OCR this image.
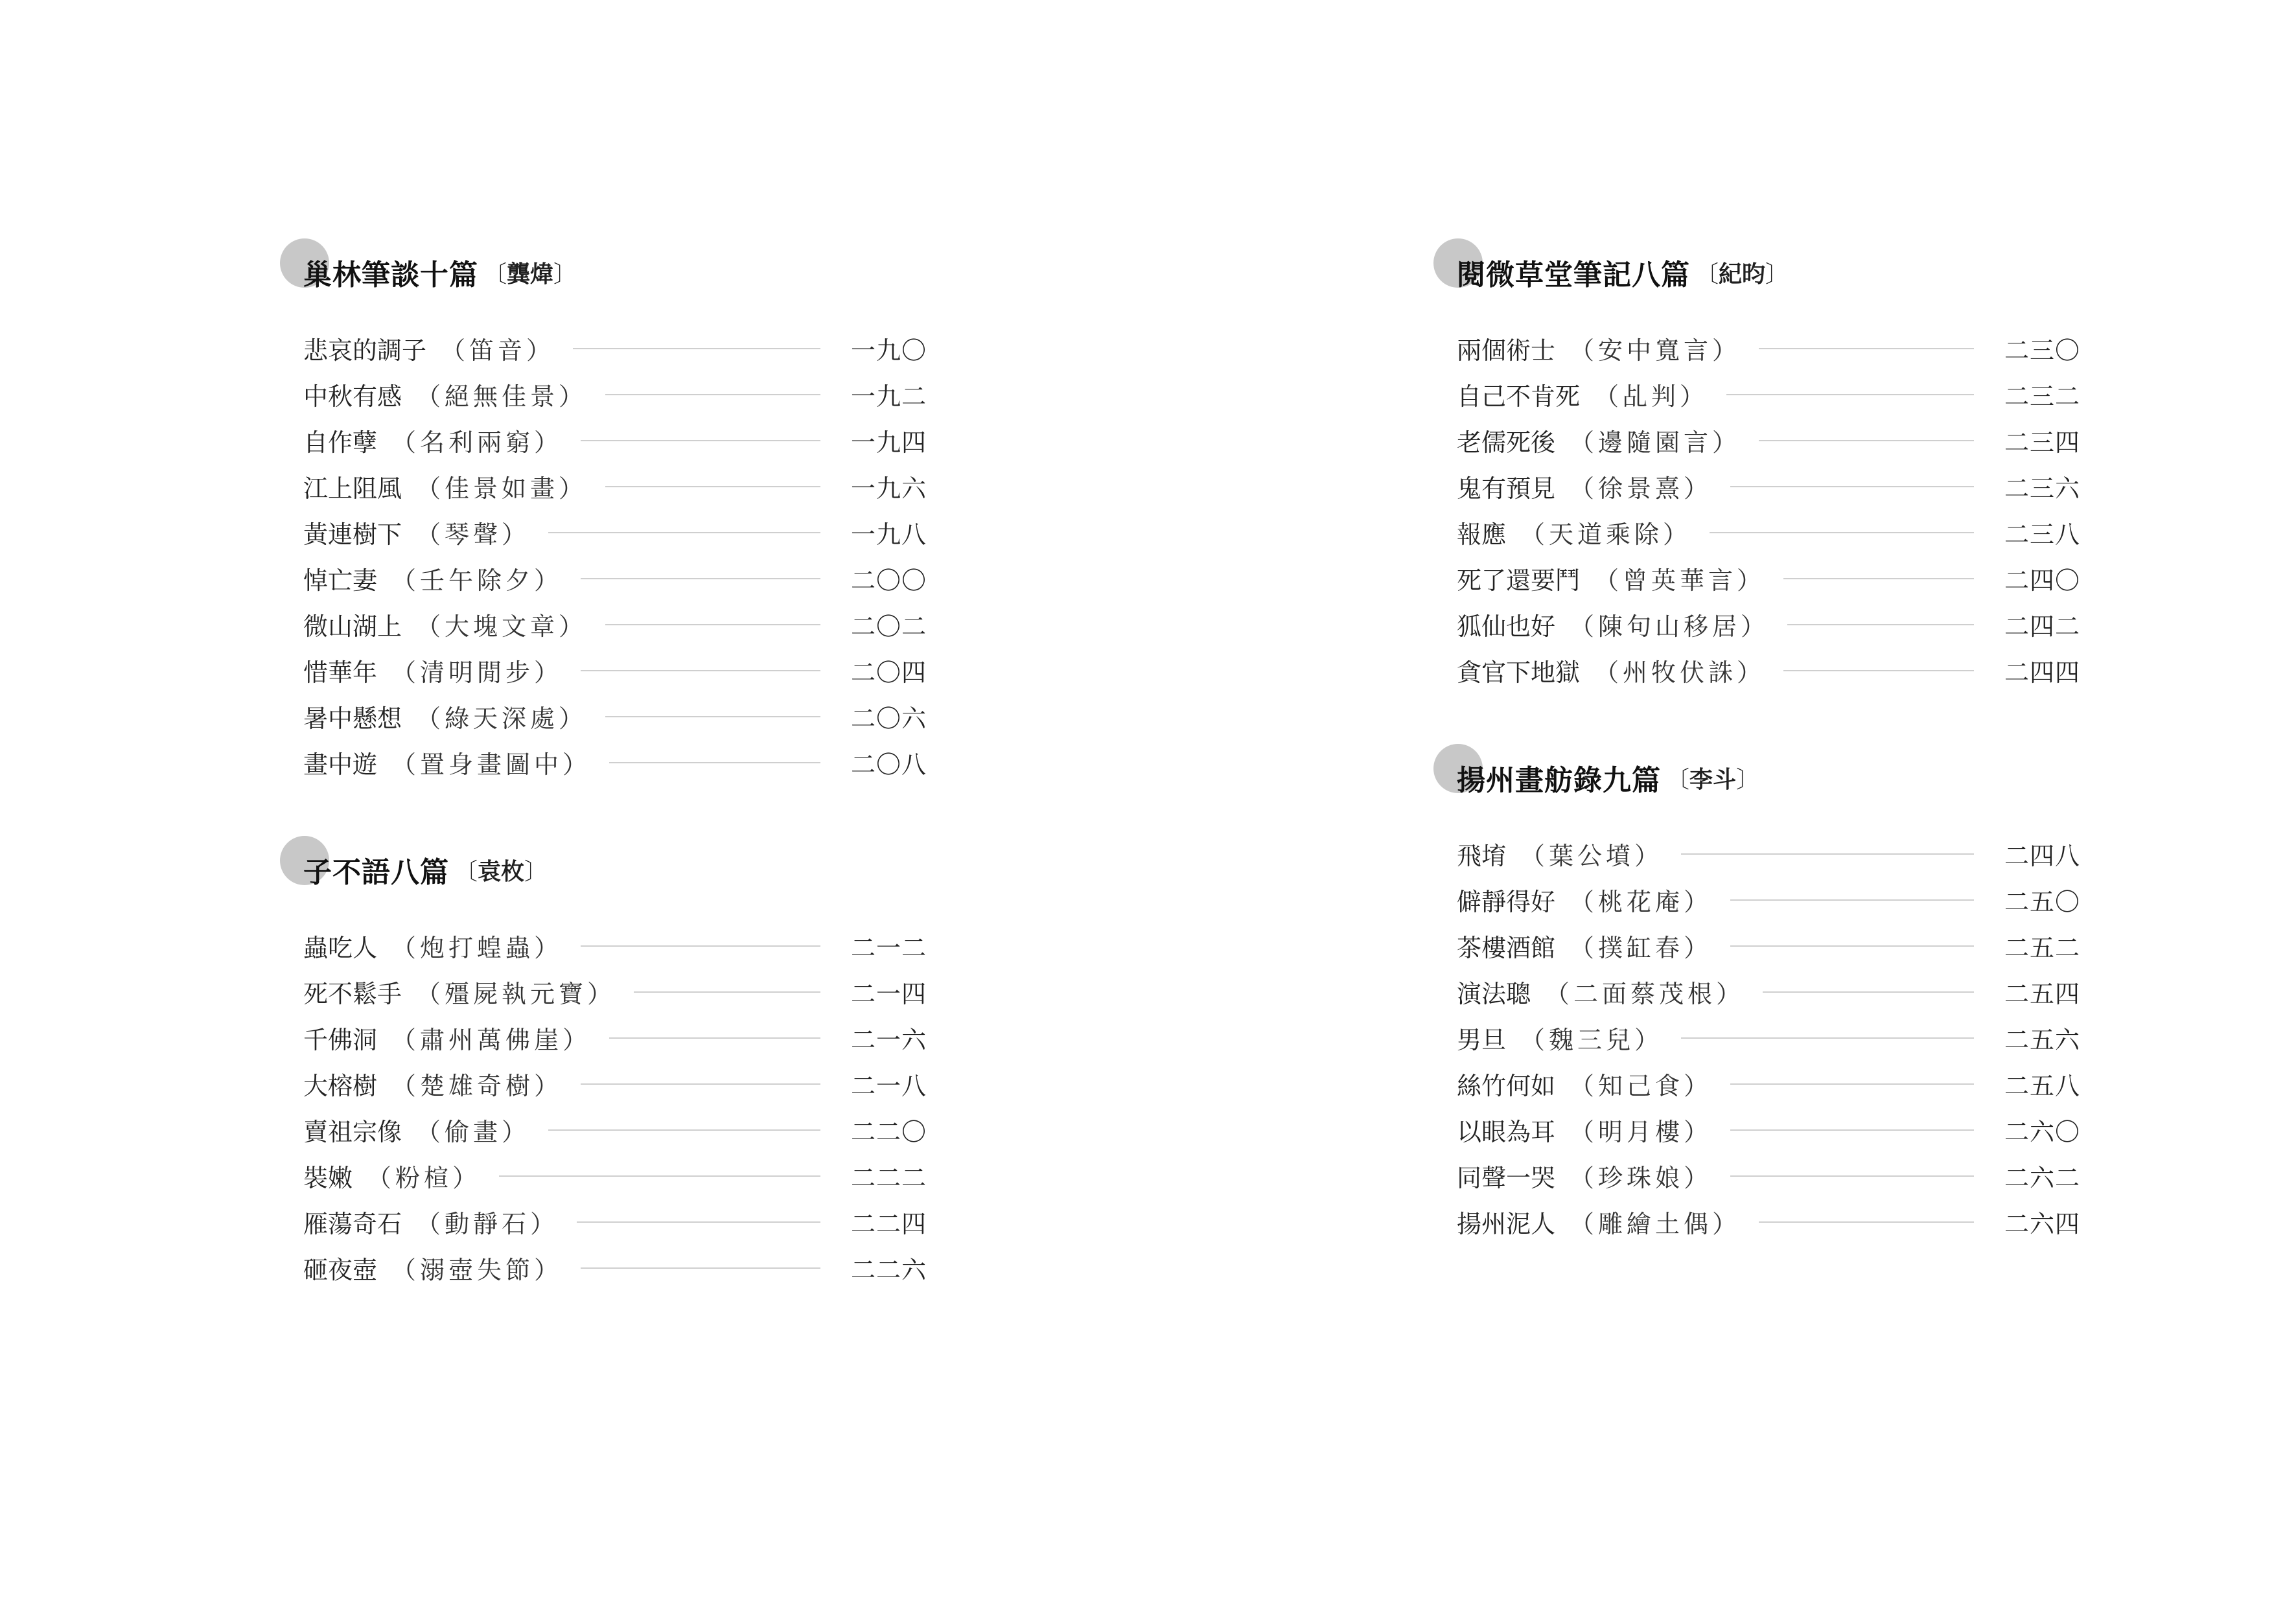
巢林筆談十篇	〔 龔煒 〕
悲哀的調子	（ 笛音 ）	一九〇
中秋有感	（ 絕無佳景 ）	一九二
自作孽	（ 名利兩窮 ）	一九四
江上阻風	（ 佳景如畫 ）	一九六
黃連樹下	（ 琴聲 ）	一九八
悼亡妻	（ 壬午除夕 ）	二〇〇
微山湖上	（ 大塊文章 ）	二〇二
惜華年	（ 清明閒步 ）	二〇四
暑中懸想	（ 綠天深處 ）	二〇六
畫中遊	（ 置身畫圖中 ）	二〇八
子不語八篇	〔 袁枚 〕
蟲吃人	（ 炮打蝗蟲 ）	二一二
死不鬆手	（ 殭屍執元寶 ）	二一四
千佛洞	（ 肅州萬佛崖 ）	二一六
大榕樹	（ 楚雄奇樹 ）	二一八
賣祖宗像	（ 偷畫 ）	二二〇
裝嫩	（ 粉楦 ）	二二二
雁蕩奇石	（ 動靜石 ）	二二四
砸夜壺	（ 溺壺失節 ）	二二六
閱微草堂筆記八篇	〔 紀昀 〕
兩個術士	（ 安中寬言 ）	二三〇
自己不肯死	（ 乩判 ）	二三二
老儒死後	（ 邊隨園言 ）	二三四
鬼有預見	（ 徐景熹 ）	二三六
報應	（ 天道乘除 ）	二三八
死了還要鬥	（ 曾英華言 ）	二四〇
狐仙也好	（ 陳句山移居 ）	二四二
貪官下地獄	（ 州牧伏誅 ）	二四四
揚州畫舫錄九篇	〔 李斗 〕
飛堉	（ 葉公墳 ）	二四八
僻靜得好	（ 桃花庵 ）	二五〇
茶樓酒館	（ 撲缸春 ）	二五二
演法聰	（ 二面蔡茂根 ）	二五四
男旦	（ 魏三兒 ）	二五六
絲竹何如	（ 知己食 ）	二五八
以眼為耳	（ 明月樓 ）	二六〇
同聲一哭	（ 珍珠娘 ）	二六二
揚州泥人	（ 雕繪土偶 ）	二六四
